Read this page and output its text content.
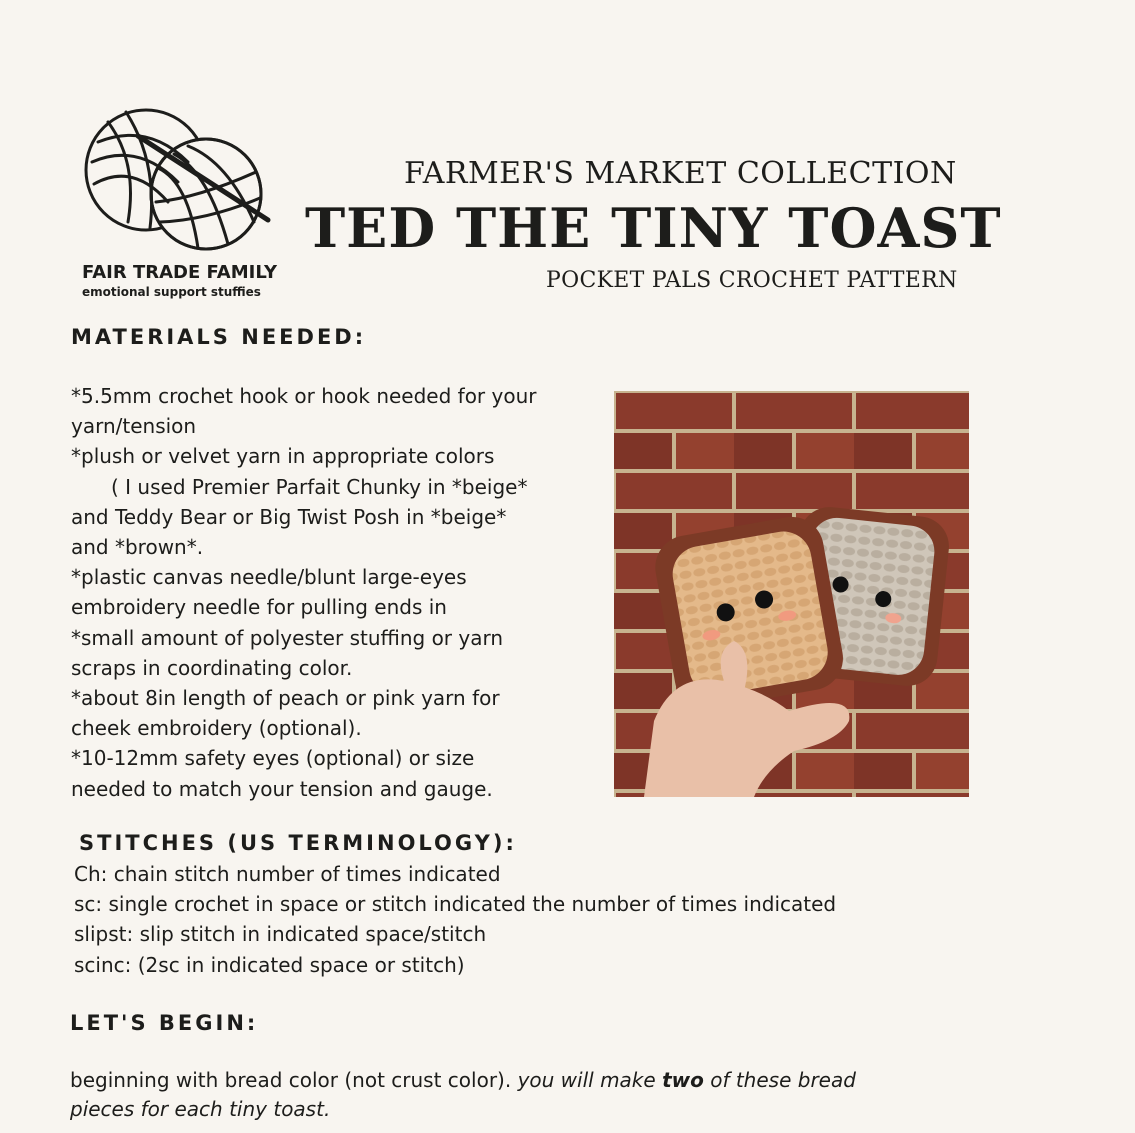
FAIR TRADE FAMILY
emotional support stuffies
FARMER'S MARKET COLLECTION
TED THE TINY TOAST
POCKET PALS CROCHET PATTERN
MATERIALS NEEDED:
*5.5mm crochet hook or hook needed for your
yarn/tension
*plush or velvet yarn in appropriate colors
( I used Premier Parfait Chunky in *beige*
and Teddy Bear or Big Twist Posh in *beige*
and *brown*.
*plastic canvas needle/blunt large-eyes
embroidery needle for pulling ends in
*small amount of polyester stuffing or yarn
scraps in coordinating color.
*about 8in length of peach or pink yarn for
cheek embroidery (optional).
*10-12mm safety eyes (optional) or size
needed to match your tension and gauge.
STITCHES (US TERMINOLOGY):
Ch: chain stitch number of times indicated
sc: single crochet in space or stitch indicated the number of times indicated
slipst: slip stitch in indicated space/stitch
scinc: (2sc in indicated space or stitch)
LET'S BEGIN:
beginning with bread color (not crust color). you will make two of these bread
pieces for each tiny toast.
